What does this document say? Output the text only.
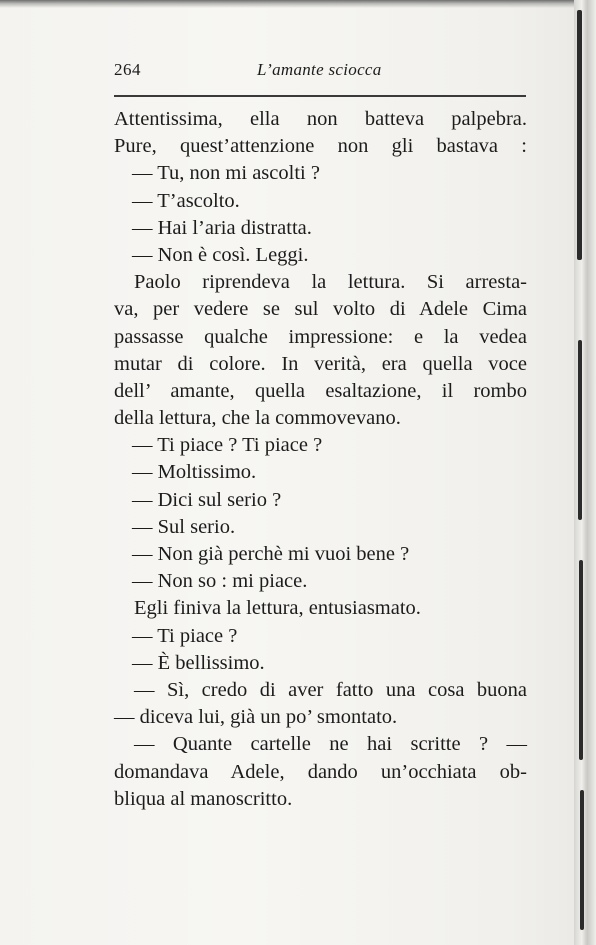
264	L’amante sciocca
Attentissima, ella non batteva palpebra.
Pure, quest’attenzione non gli bastava :
— Tu, non mi ascolti ?
— T’ascolto.
— Hai l’aria distratta.
— Non è così. Leggi.
Paolo riprendeva la lettura. Si arresta-
va, per vedere se sul volto di Adele Cima
passasse qualche impressione: e la vedea
mutar di colore. In verità, era quella voce
dell’ amante, quella esaltazione, il rombo
della lettura, che la commovevano.
— Ti piace ? Ti piace ?
— Moltissimo.
— Dici sul serio ?
— Sul serio.
— Non già perchè mi vuoi bene ?
— Non so : mi piace.
Egli finiva la lettura, entusiasmato.
— Ti piace ?
— È bellissimo.
— Sì, credo di aver fatto una cosa buona
— diceva lui, già un po’ smontato.
— Quante cartelle ne hai scritte ? —
domandava Adele, dando un’occhiata ob-
bliqua al manoscritto.
